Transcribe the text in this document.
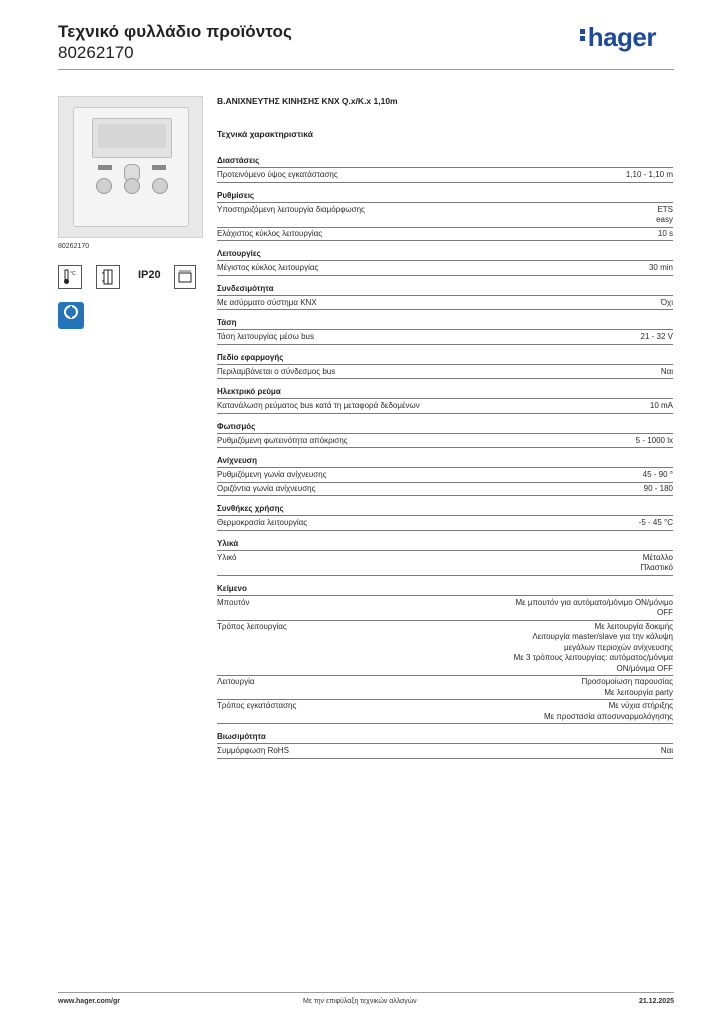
Τεχνικό φυλλάδιο προϊόντος
80262170
hager
80262170
°C	IP20
Β.ΑΝΙΧΝΕΥΤΗΣ ΚΙΝΗΣΗΣ KNX Q.x/K.x 1,10m
Τεχνικά χαρακτηριστικά
Διαστάσεις
Προτεινόμενο ύψος εγκατάστασης	1,10 - 1,10 m
Ρυθμίσεις
Υποστηριζόμενη λειτουργία διαμόρφωσης	ETS
easy
Ελάχιστος κύκλος λειτουργίας	10 s
Λειτουργίες
Μέγιστος κύκλος λειτουργίας	30 min
Συνδεσιμότητα
Με ασύρματο σύστημα KNX	Όχι
Τάση
Τάση λειτουργίας μέσω bus	21 - 32 V
Πεδίο εφαρμογής
Περιλαμβάνεται ο σύνδεσμος bus	Ναι
Ηλεκτρικό ρεύμα
Κατανάλωση ρεύματος bus κατά τη μεταφορά δεδομένων	10 mA
Φωτισμός
Ρυθμιζόμενη φωτεινότητα απόκρισης	5 - 1000 lx
Ανίχνευση
Ρυθμιζόμενη γωνία ανίχνευσης	45 - 90 °
Οριζόντια γωνία ανίχνευσης	90 - 180
Συνθήκες χρήσης
Θερμοκρασία λειτουργίας	-5 - 45 °C
Υλικά
Υλικό	Μέταλλο
Πλαστικό
Κείμενο
Μπουτόν	Με μπουτόν για αυτόματο/μόνιμο ON/μόνιμο
OFF
Τρόπος λειτουργίας	Με λειτουργία δοκιμής
Λειτουργία master/slave για την κάλυψη
μεγάλων περιοχών ανίχνευσης
Με 3 τρόπους λειτουργίας: αυτόματος/μόνιμα
ON/μόνιμα OFF
Λειτουργία	Προσομοίωση παρουσίας
Με λειτουργία party
Τρόπος εγκατάστασης	Με νύχια στήριξης
Με προστασία αποσυναρμολόγησης
Βιωσιμότητα
Συμμόρφωση RoHS	Ναι
www.hager.com/gr	Με την επιφύλαξη τεχνικών αλλαγών	21.12.2025
